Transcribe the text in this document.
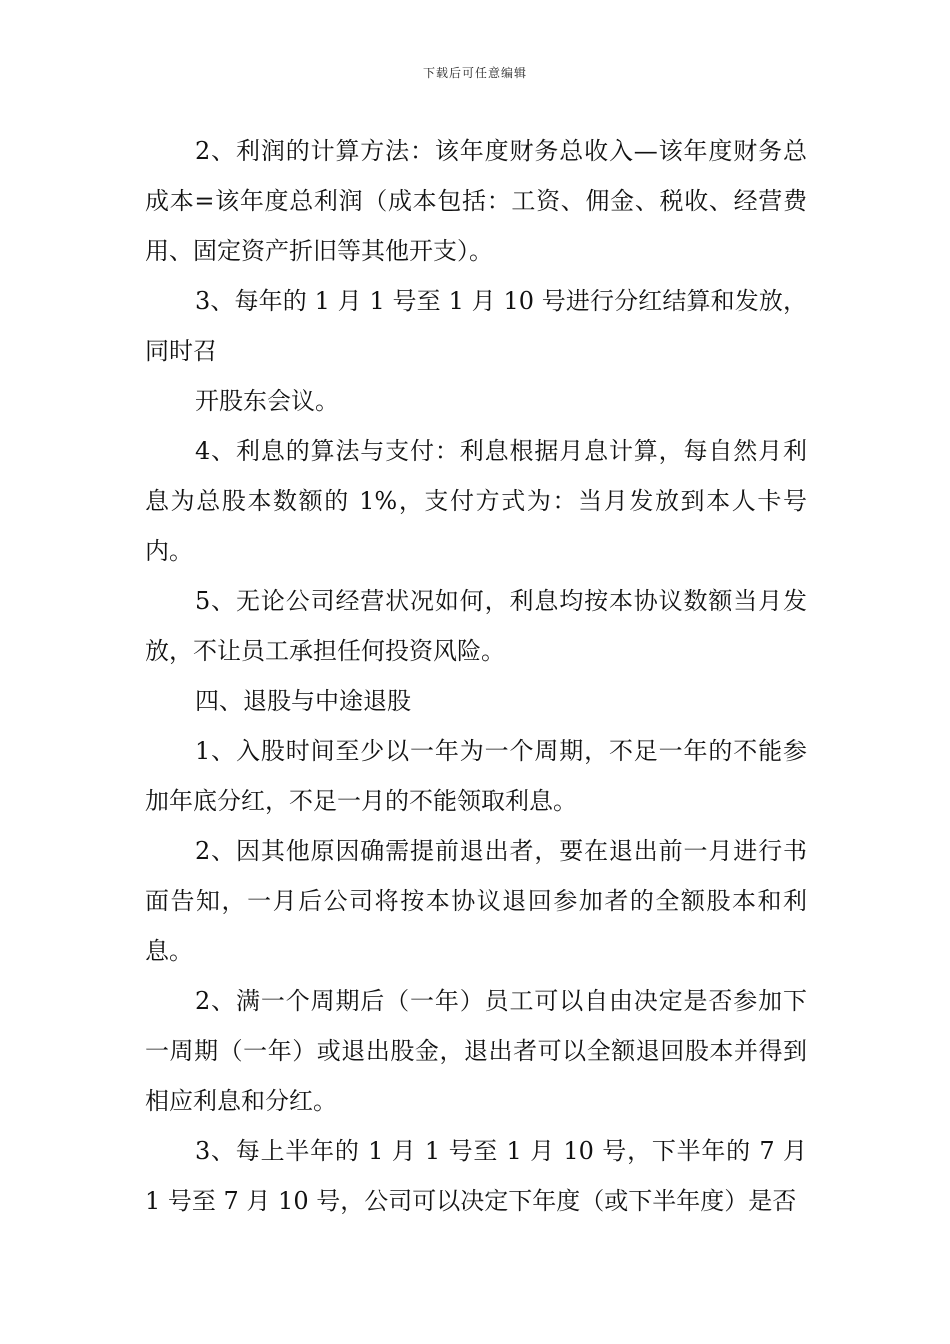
下载后可任意编辑

2、利润的计算方法：该年度财务总收入—该年度财务总成本=该年度总利润（成本包括：工资、佣金、税收、经营费用、固定资产折旧等其他开支）。

3、每年的 1 月 1 号至 1 月 10 号进行分红结算和发放，同时召

开股东会议。

4、利息的算法与支付：利息根据月息计算，每自然月利息为总股本数额的 1%，支付方式为：当月发放到本人卡号内。

5、无论公司经营状况如何，利息均按本协议数额当月发放，不让员工承担任何投资风险。

四、退股与中途退股

1、入股时间至少以一年为一个周期，不足一年的不能参加年底分红，不足一月的不能领取利息。

2、因其他原因确需提前退出者，要在退出前一月进行书面告知，一月后公司将按本协议退回参加者的全额股本和利息。

2、满一个周期后（一年）员工可以自由决定是否参加下一周期（一年）或退出股金，退出者可以全额退回股本并得到相应利息和分红。

3、每上半年的 1 月 1 号至 1 月 10 号，下半年的 7 月 1 号至 7 月 10 号，公司可以决定下年度（或下半年度）是否
